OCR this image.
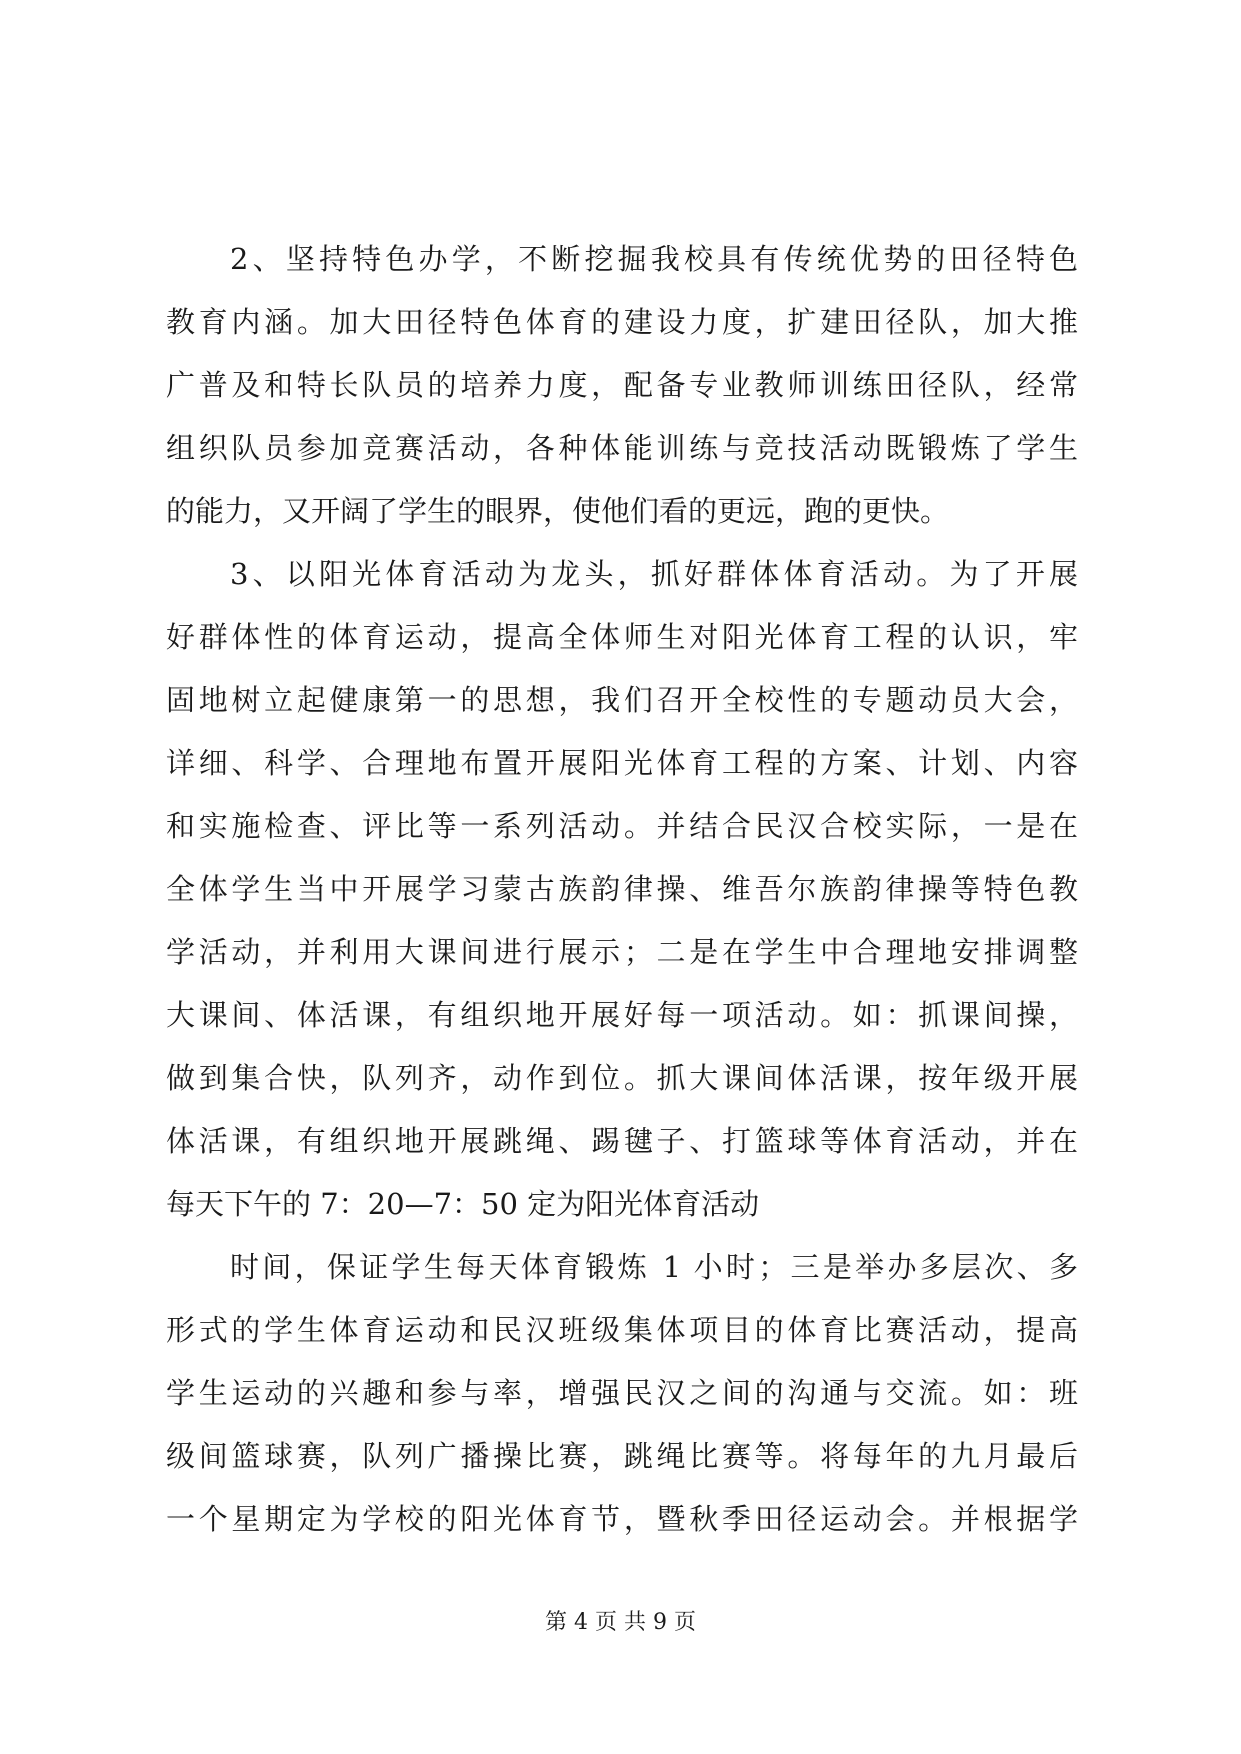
2、坚持特色办学，不断挖掘我校具有传统优势的田径特色
教育内涵。加大田径特色体育的建设力度，扩建田径队，加大推
广普及和特长队员的培养力度，配备专业教师训练田径队，经常
组织队员参加竞赛活动，各种体能训练与竞技活动既锻炼了学生
的能力，又开阔了学生的眼界，使他们看的更远，跑的更快。
3、以阳光体育活动为龙头，抓好群体体育活动。为了开展
好群体性的体育运动，提高全体师生对阳光体育工程的认识，牢
固地树立起健康第一的思想，我们召开全校性的专题动员大会，
详细、科学、合理地布置开展阳光体育工程的方案、计划、内容
和实施检查、评比等一系列活动。并结合民汉合校实际，一是在
全体学生当中开展学习蒙古族韵律操、维吾尔族韵律操等特色教
学活动，并利用大课间进行展示；二是在学生中合理地安排调整
大课间、体活课，有组织地开展好每一项活动。如：抓课间操，
做到集合快，队列齐，动作到位。抓大课间体活课，按年级开展
体活课，有组织地开展跳绳、踢毽子、打篮球等体育活动，并在
每天下午的 7：20—7：50 定为阳光体育活动
时间，保证学生每天体育锻炼 1 小时；三是举办多层次、多
形式的学生体育运动和民汉班级集体项目的体育比赛活动，提高
学生运动的兴趣和参与率，增强民汉之间的沟通与交流。如：班
级间篮球赛，队列广播操比赛，跳绳比赛等。将每年的九月最后
一个星期定为学校的阳光体育节，暨秋季田径运动会。并根据学
第 4 页 共 9 页
